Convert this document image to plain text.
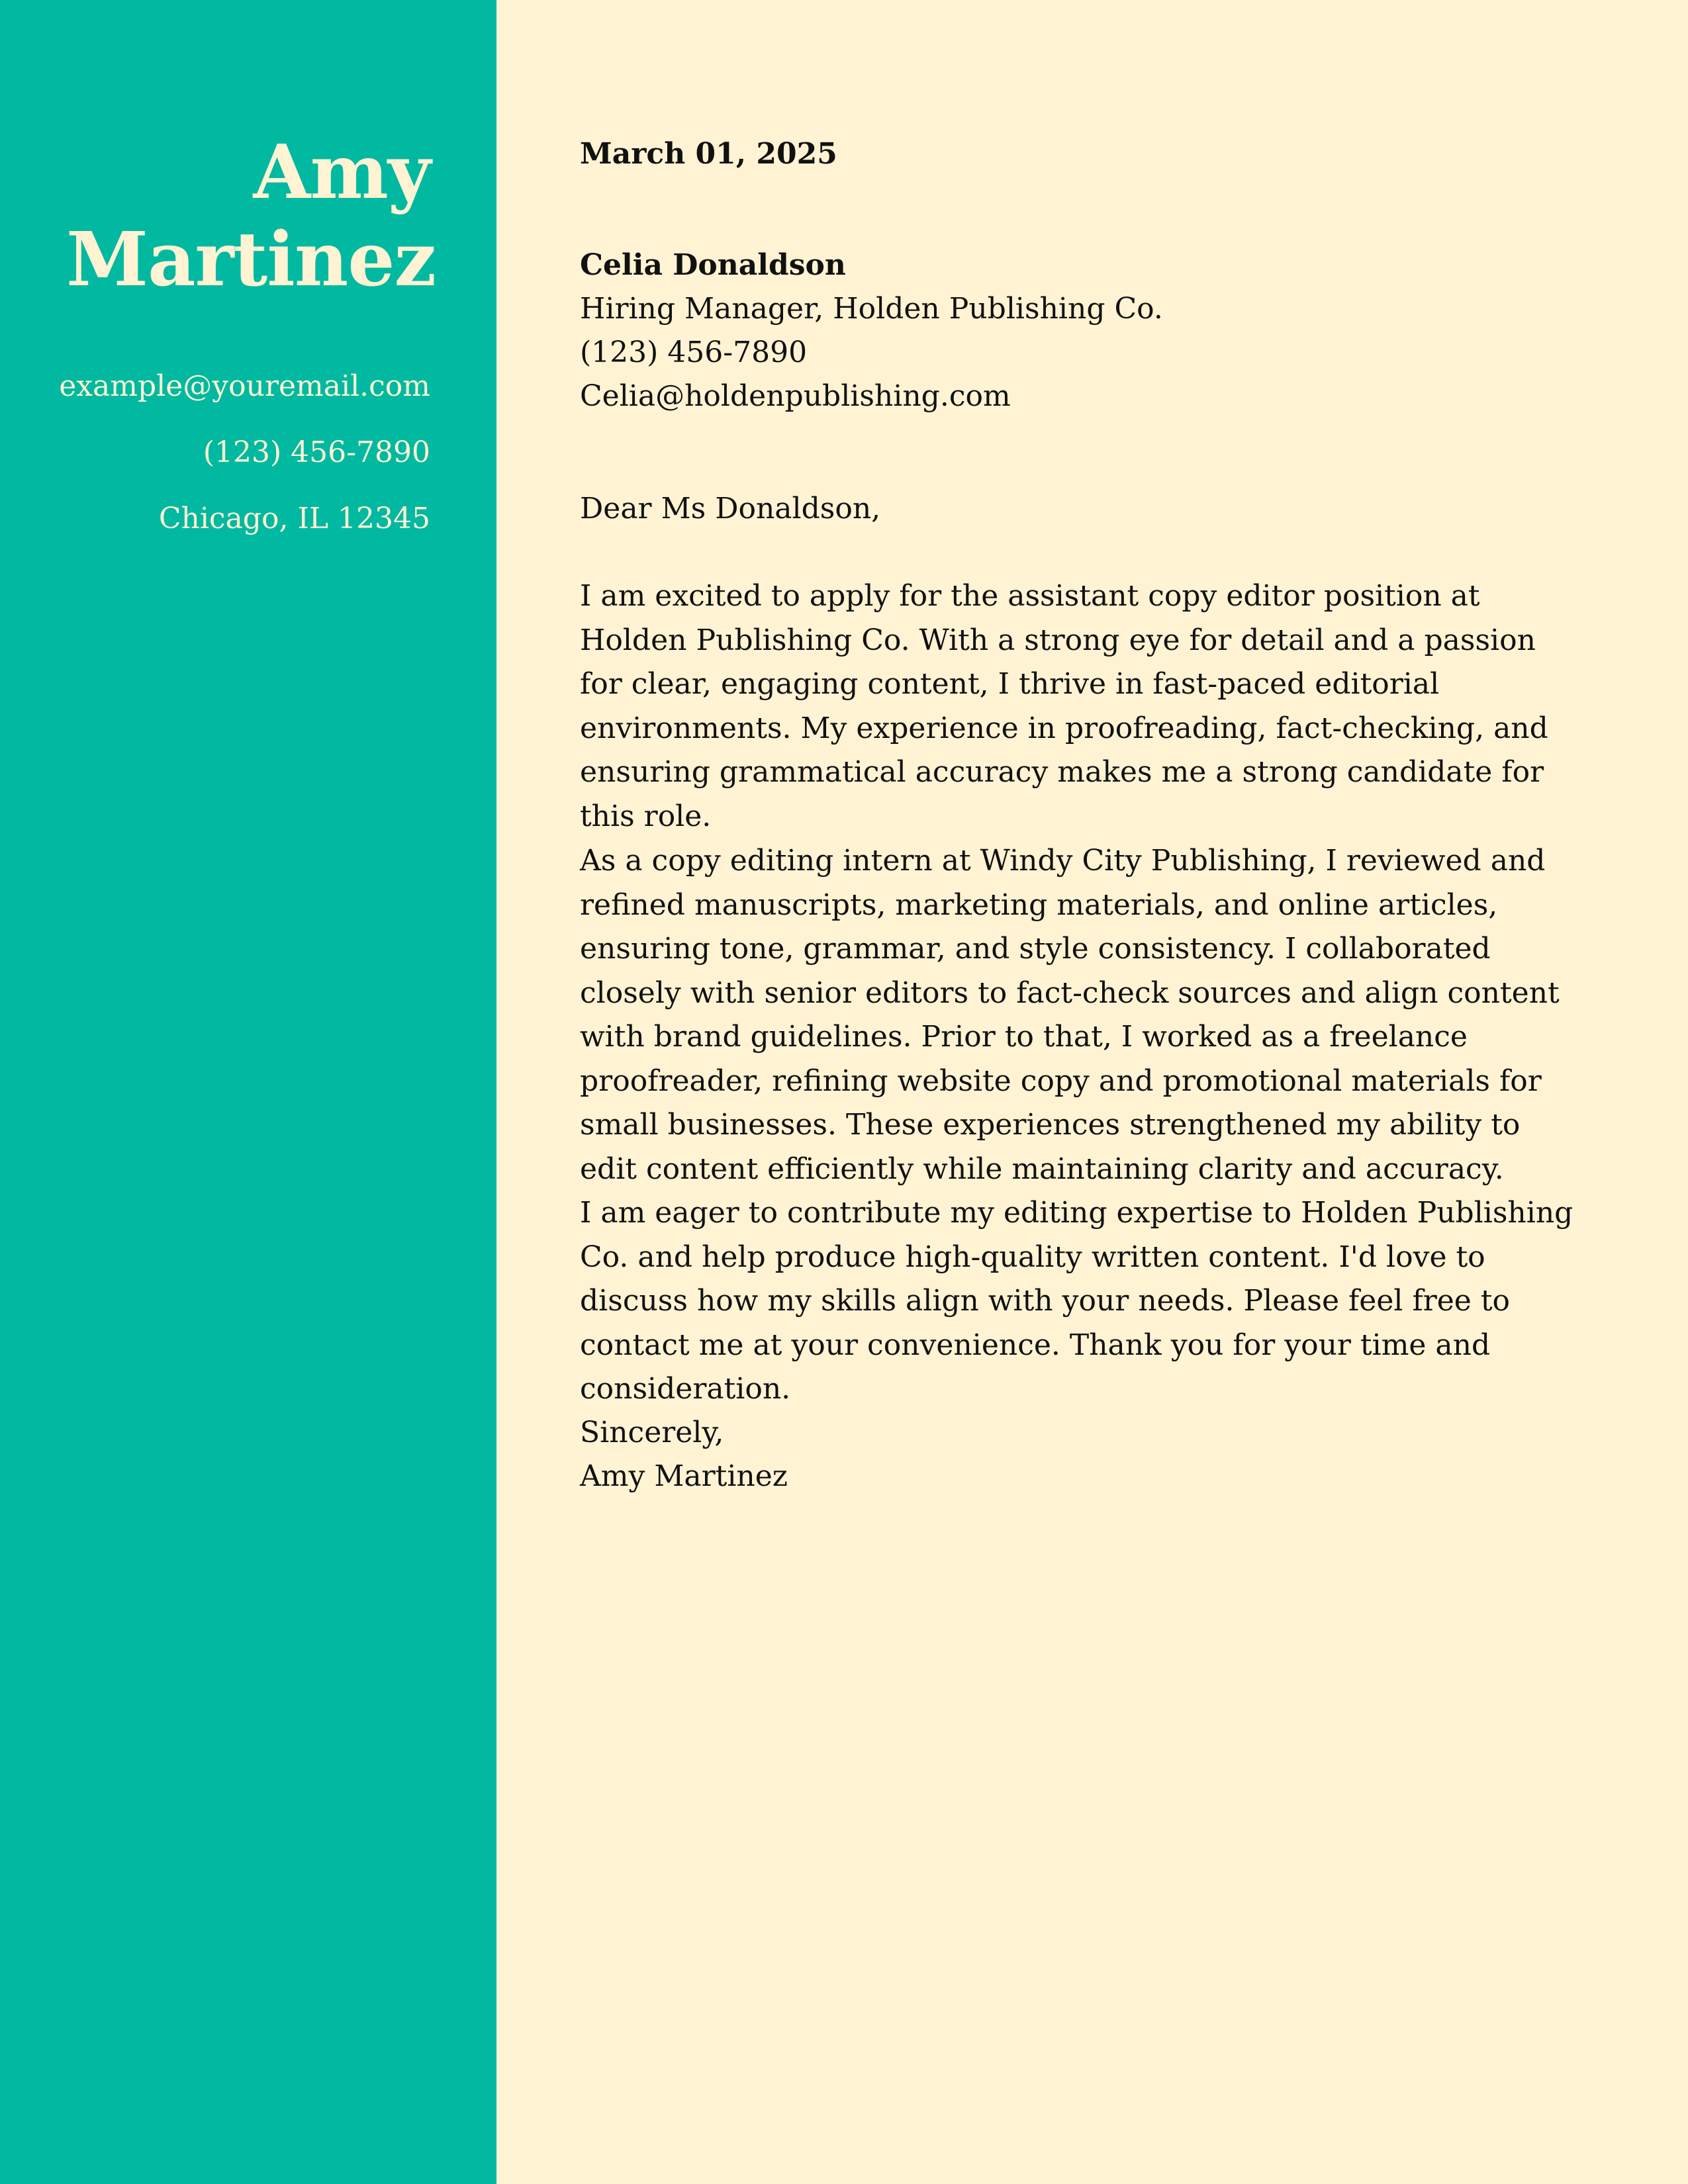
Amy
Martinez
example@youremail.com
(123) 456-7890
Chicago, IL 12345
March 01, 2025
Celia Donaldson
Hiring Manager, Holden Publishing Co.
(123) 456-7890
Celia@holdenpublishing.com
Dear Ms Donaldson,
I am excited to apply for the assistant copy editor position at Holden Publishing Co. With a strong eye for detail and a passion for clear, engaging content, I thrive in fast-paced editorial environments. My experience in proofreading, fact-checking, and ensuring grammatical accuracy makes me a strong candidate for this role.
As a copy editing intern at Windy City Publishing, I reviewed and refined manuscripts, marketing materials, and online articles, ensuring tone, grammar, and style consistency. I collaborated closely with senior editors to fact-check sources and align content with brand guidelines. Prior to that, I worked as a freelance proofreader, refining website copy and promotional materials for small businesses. These experiences strengthened my ability to edit content efficiently while maintaining clarity and accuracy.
I am eager to contribute my editing expertise to Holden Publishing Co. and help produce high-quality written content. I'd love to discuss how my skills align with your needs. Please feel free to contact me at your convenience. Thank you for your time and consideration.
Sincerely,
Amy Martinez
